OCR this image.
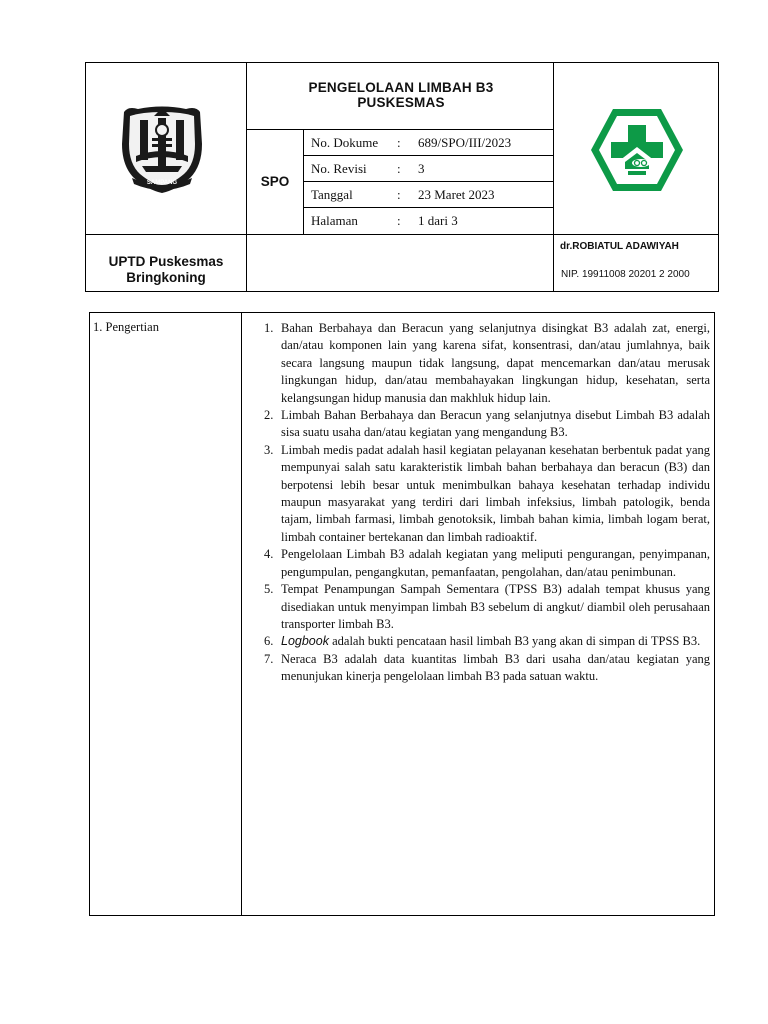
SAMPANG
PENGELOLAAN LIMBAH B3
PUSKESMAS
SPO
No. Dokume : 689/SPO/III/2023
No. Revisi : 3
Tanggal	: 23 Maret 2023
Halaman	: 1 dari 3
UPTD Puskesmas
Bringkoning
dr.ROBIATUL ADAWIYAH
NIP. 19911008 20201 2 2000
1. Pengertian	1. Bahan Berbahaya dan Beracun yang selanjutnya disingkat B3 adalah zat, energi, dan/atau komponen lain yang karena sifat, konsentrasi, dan/atau jumlahnya, baik secara langsung maupun tidak langsung, dapat mencemarkan dan/atau merusak lingkungan hidup, dan/atau membahayakan lingkungan hidup, kesehatan, serta kelangsungan hidup manusia dan makhluk hidup lain.
2. Limbah Bahan Berbahaya dan Beracun yang selanjutnya disebut Limbah B3 adalah sisa suatu usaha dan/atau kegiatan yang mengandung B3.
3. Limbah medis padat adalah hasil kegiatan pelayanan kesehatan berbentuk padat yang mempunyai salah satu karakteristik limbah bahan berbahaya dan beracun (B3) dan berpotensi lebih besar untuk menimbulkan bahaya kesehatan terhadap individu maupun masyarakat yang terdiri dari limbah infeksius, limbah patologik, benda tajam, limbah farmasi, limbah genotoksik, limbah bahan kimia, limbah logam berat, limbah container bertekanan dan limbah radioaktif.
4. Pengelolaan Limbah B3 adalah kegiatan yang meliputi pengurangan, penyimpanan, pengumpulan, pengangkutan, pemanfaatan, pengolahan, dan/atau penimbunan.
5. Tempat Penampungan Sampah Sementara (TPSS B3) adalah tempat khusus yang disediakan untuk menyimpan limbah B3 sebelum di angkut/ diambil oleh perusahaan transporter limbah B3.
6. Logbook adalah bukti pencataan hasil limbah B3 yang akan di simpan di TPSS B3.
7. Neraca B3 adalah data kuantitas limbah B3 dari usaha dan/atau kegiatan yang menunjukan kinerja pengelolaan limbah B3 pada satuan waktu.
